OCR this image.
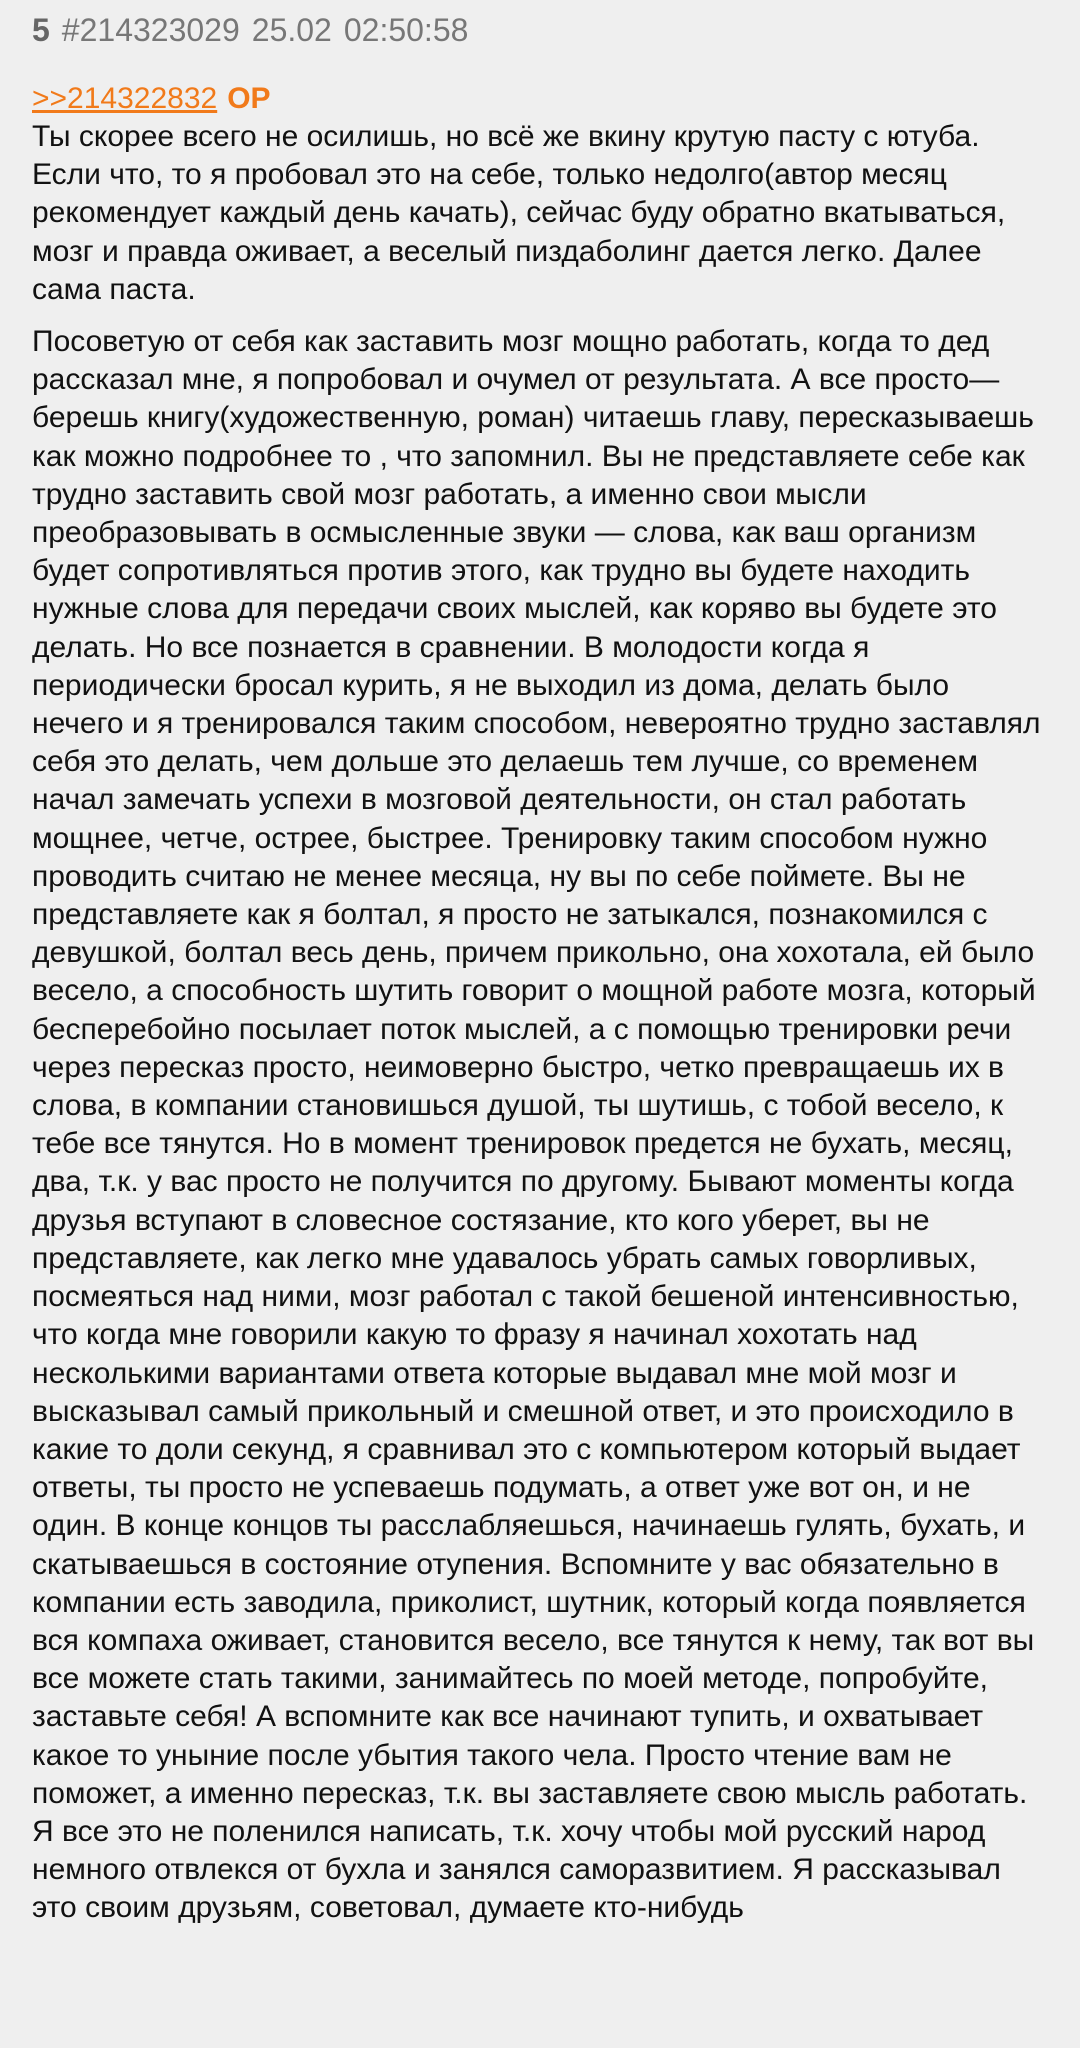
5 #214323029 25.02 02:50:58
>>214322832 OP

Ты скорее всего не осилишь, но всё же вкину крутую пасту с ютуба. Если что, то я пробовал это на себе, только недолго(автор месяц рекомендует каждый день качать), сейчас буду обратно вкатываться, мозг и правда оживает, а веселый пиздаболинг дается легко. Далее сама паста.

Посоветую от себя как заставить мозг мощно работать, когда то дед рассказал мне, я попробовал и очумел от результата. А все просто— берешь книгу(художественную, роман) читаешь главу, пересказываешь как можно подробнее то , что запомнил. Вы не представляете себе как трудно заставить свой мозг работать, а именно свои мысли преобразовывать в осмысленные звуки — слова, как ваш организм будет сопротивляться против этого, как трудно вы будете находить нужные слова для передачи своих мыслей, как коряво вы будете это делать. Но все познается в сравнении. В молодости когда я периодически бросал курить, я не выходил из дома, делать было нечего и я тренировался таким способом, невероятно трудно заставлял себя это делать, чем дольше это делаешь тем лучше, со временем начал замечать успехи в мозговой деятельности, он стал работать мощнее, четче, острее, быстрее. Тренировку таким способом нужно проводить считаю не менее месяца, ну вы по себе поймете. Вы не представляете как я болтал, я просто не затыкался, познакомился с девушкой, болтал весь день, причем прикольно, она хохотала, ей было весело, а способность шутить говорит о мощной работе мозга, который бесперебойно посылает поток мыслей, а с помощью тренировки речи через пересказ просто, неимоверно быстро, четко превращаешь их в слова, в компании становишься душой, ты шутишь, с тобой весело, к тебе все тянутся. Но в момент тренировок предется не бухать, месяц, два, т.к. у вас просто не получится по другому. Бывают моменты когда друзья вступают в словесное состязание, кто кого уберет, вы не представляете, как легко мне удавалось убрать самых говорливых, посмеяться над ними, мозг работал с такой бешеной интенсивностью, что когда мне говорили какую то фразу я начинал хохотать над несколькими вариантами ответа которые выдавал мне мой мозг и высказывал самый прикольный и смешной ответ, и это происходило в какие то доли секунд, я сравнивал это с компьютером который выдает ответы, ты просто не успеваешь подумать, а ответ уже вот он, и не один. В конце концов ты расслабляешься, начинаешь гулять, бухать, и скатываешься в состояние отупения. Вспомните у вас обязательно в компании есть заводила, приколист, шутник, который когда появляется вся компаха оживает, становится весело, все тянутся к нему, так вот вы все можете стать такими, занимайтесь по моей методе, попробуйте, заставьте себя! А вспомните как все начинают тупить, и охватывает какое то уныние после убытия такого чела. Просто чтение вам не поможет, а именно пересказ, т.к. вы заставляете свою мысль работать. Я все это не поленился написать, т.к. хочу чтобы мой русский народ немного отвлекся от бухла и занялся саморазвитием. Я рассказывал это своим друзьям, советовал, думаете кто-нибудь
